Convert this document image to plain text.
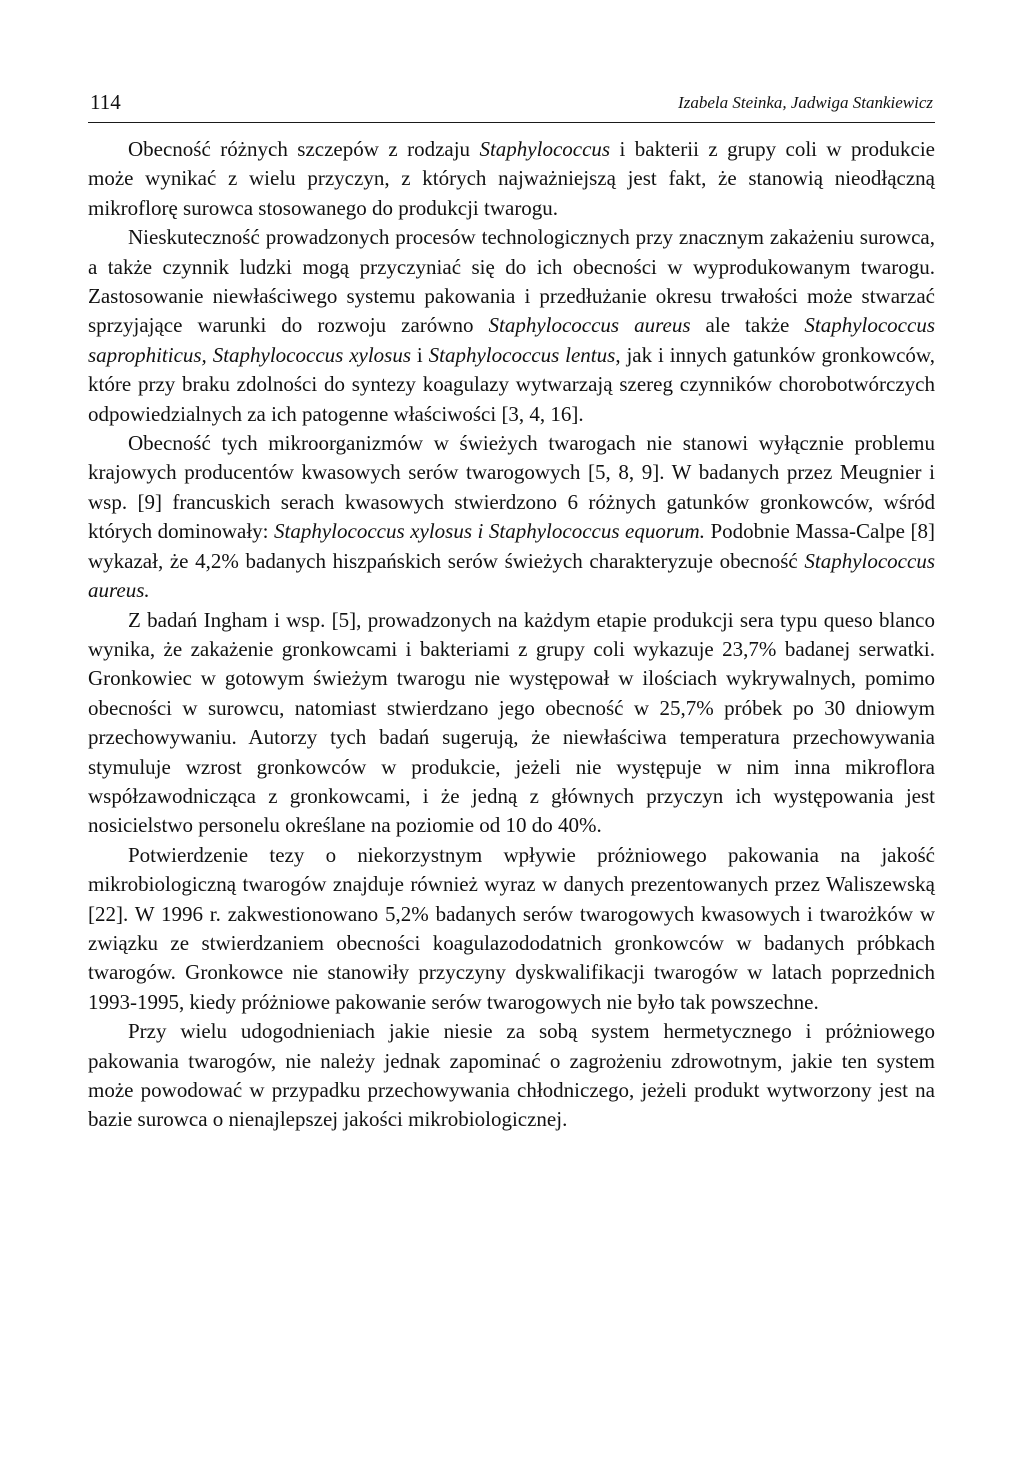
114	Izabela Steinka, Jadwiga Stankiewicz

Obecność różnych szczepów z rodzaju Staphylococcus i bakterii z grupy coli w produkcie może wynikać z wielu przyczyn, z których najważniejszą jest fakt, że stanowią nieodłączną mikroflorę surowca stosowanego do produkcji twarogu.

Nieskuteczność prowadzonych procesów technologicznych przy znacznym zakażeniu surowca, a także czynnik ludzki mogą przyczyniać się do ich obecności w wyprodukowanym twarogu. Zastosowanie niewłaściwego systemu pakowania i przedłużanie okresu trwałości może stwarzać sprzyjające warunki do rozwoju zarówno Staphylococcus aureus ale także Staphylococcus saprophiticus, Staphylococcus xylosus i Staphylococcus lentus, jak i innych gatunków gronkowców, które przy braku zdolności do syntezy koagulazy wytwarzają szereg czynników chorobotwórczych odpowiedzialnych za ich patogenne właściwości [3, 4, 16].

Obecność tych mikroorganizmów w świeżych twarogach nie stanowi wyłącznie problemu krajowych producentów kwasowych serów twarogowych [5, 8, 9]. W badanych przez Meugnier i wsp. [9] francuskich serach kwasowych stwierdzono 6 różnych gatunków gronkowców, wśród których dominowały: Staphylococcus xylosus i Staphylococcus equorum. Podobnie Massa-Calpe [8] wykazał, że 4,2% badanych hiszpańskich serów świeżych charakteryzuje obecność Staphylococcus aureus.

Z badań Ingham i wsp. [5], prowadzonych na każdym etapie produkcji sera typu queso blanco wynika, że zakażenie gronkowcami i bakteriami z grupy coli wykazuje 23,7% badanej serwatki. Gronkowiec w gotowym świeżym twarogu nie występował w ilościach wykrywalnych, pomimo obecności w surowcu, natomiast stwierdzano jego obecność w 25,7% próbek po 30 dniowym przechowywaniu. Autorzy tych badań sugerują, że niewłaściwa temperatura przechowywania stymuluje wzrost gronkowców w produkcie, jeżeli nie występuje w nim inna mikroflora współzawodnicząca z gronkowcami, i że jedną z głównych przyczyn ich występowania jest nosicielstwo personelu określane na poziomie od 10 do 40%.

Potwierdzenie tezy o niekorzystnym wpływie próżniowego pakowania na jakość mikrobiologiczną twarogów znajduje również wyraz w danych prezentowanych przez Waliszewską [22]. W 1996 r. zakwestionowano 5,2% badanych serów twarogowych kwasowych i twarożków w związku ze stwierdzaniem obecności koagulazododatnich gronkowców w badanych próbkach twarogów. Gronkowce nie stanowiły przyczyny dyskwalifikacji twarogów w latach poprzednich 1993-1995, kiedy próżniowe pakowanie serów twarogowych nie było tak powszechne.

Przy wielu udogodnieniach jakie niesie za sobą system hermetycznego i próżniowego pakowania twarogów, nie należy jednak zapominać o zagrożeniu zdrowotnym, jakie ten system może powodować w przypadku przechowywania chłodniczego, jeżeli produkt wytworzony jest na bazie surowca o nienajlepszej jakości mikrobiologicznej.
